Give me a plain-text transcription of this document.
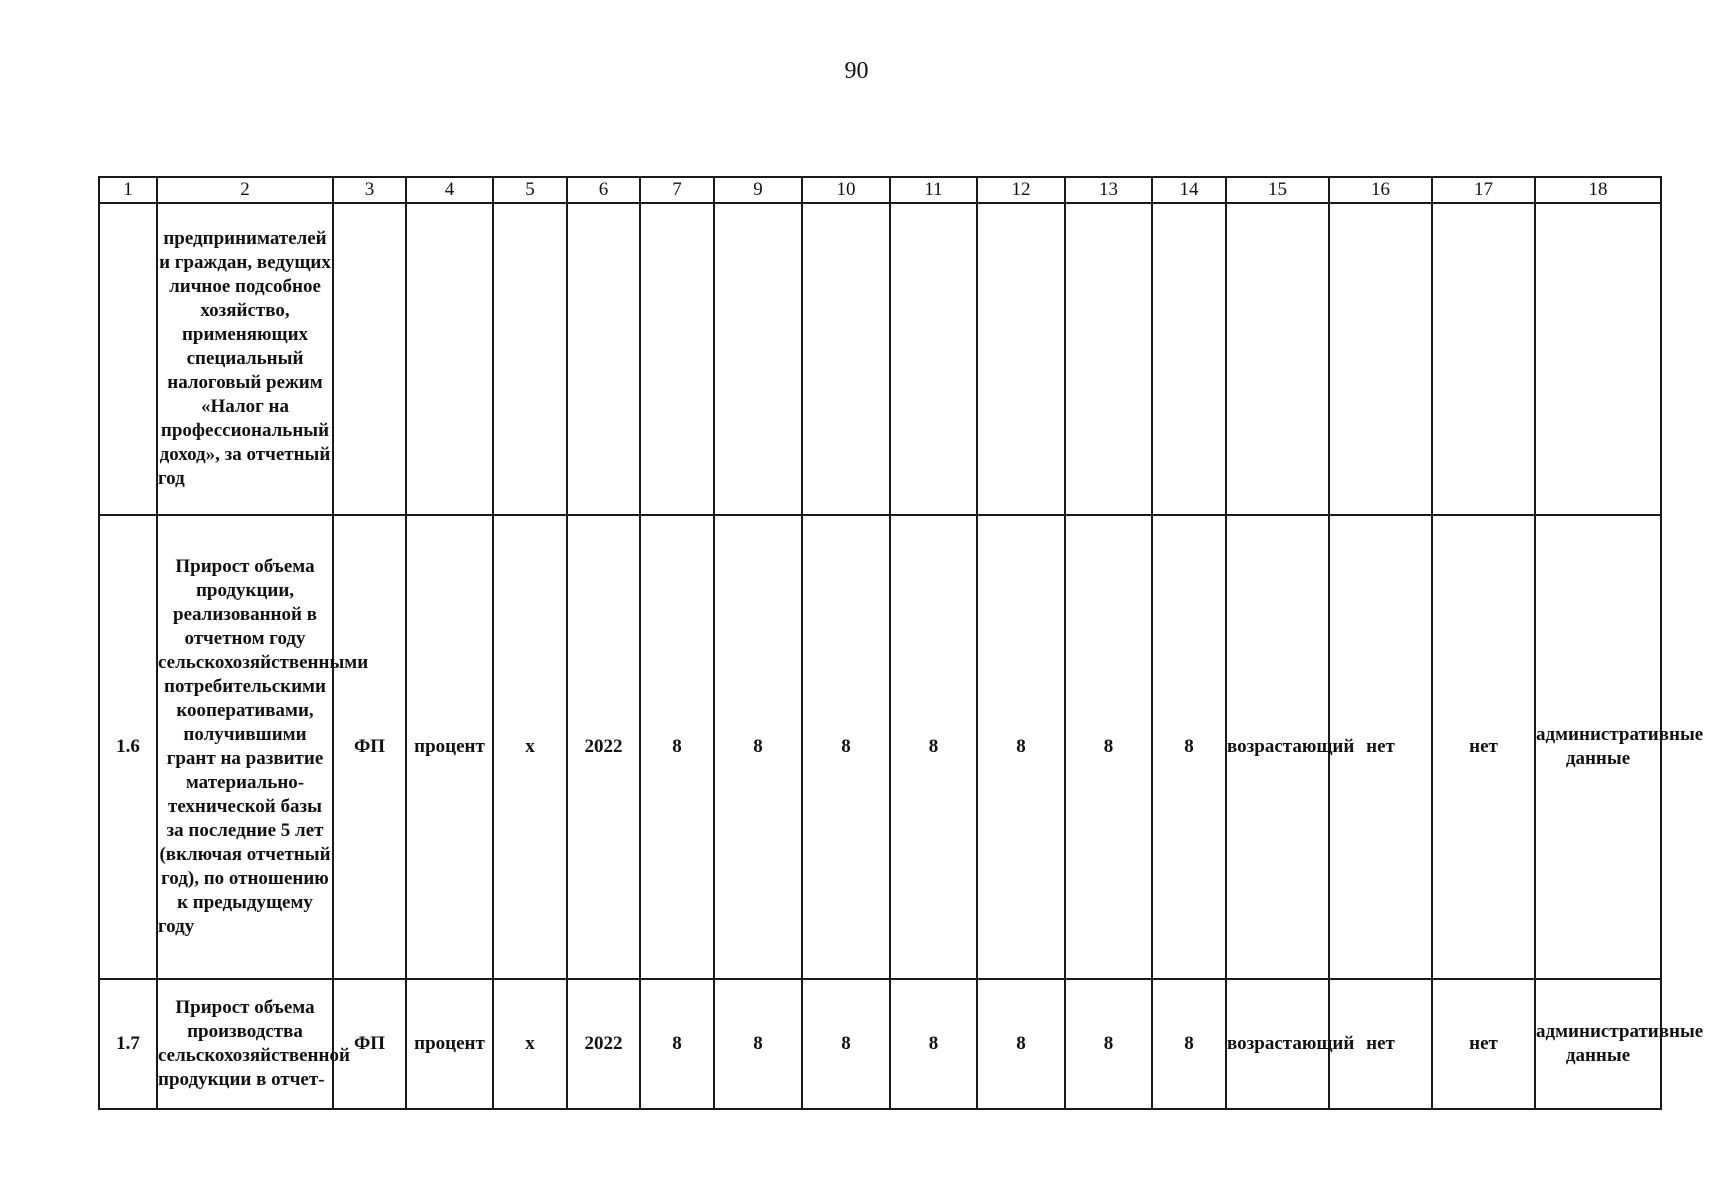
90
1	2	3	4	5	6	7	9	10	11	12	13	14	15	16	17	18
	предпринимателей и граждан, ведущих личное подсобное хозяйство, применяющих специальный налоговый режим «Налог на профессиональный доход», за отчетный год															
1.6	Прирост объема продукции, реализованной в отчетном году сельскохозяйственными потребительскими кооперативами, получившими грант на развитие материально-технической базы за последние 5 лет (включая отчетный год), по отношению к предыдущему году	ФП	процент	х	2022	8	8	8	8	8	8	8	возрастающий	нет	нет	административные данные
1.7	Прирост объема производства сельскохозяйственной продукции в отчет-	ФП	процент	х	2022	8	8	8	8	8	8	8	возрастающий	нет	нет	административные данные
